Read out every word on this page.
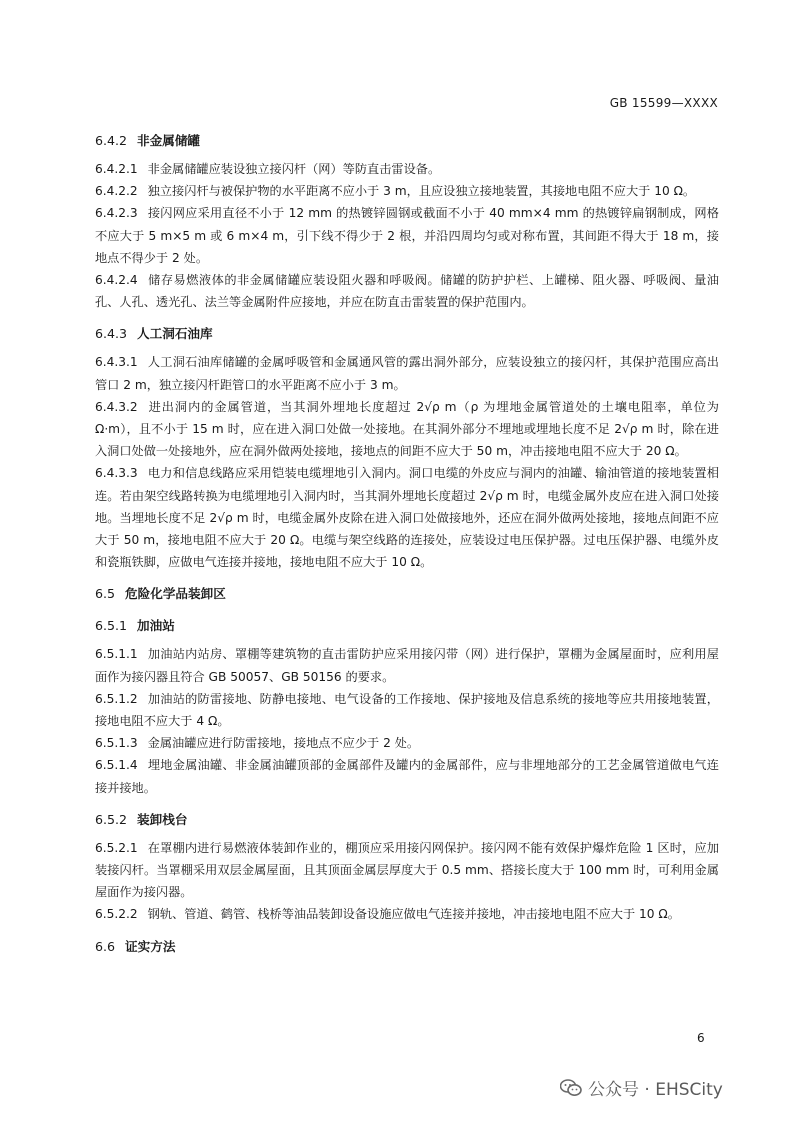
GB 15599—XXXX
6.4.2 非金属储罐
6.4.2.1 非金属储罐应装设独立接闪杆（网）等防直击雷设备。
6.4.2.2 独立接闪杆与被保护物的水平距离不应小于 3 m，且应设独立接地装置，其接地电阻不应大于 10 Ω。
6.4.2.3 接闪网应采用直径不小于 12 mm 的热镀锌圆钢或截面不小于 40 mm×4 mm 的热镀锌扁钢制成，网格不应大于 5 m×5 m 或 6 m×4 m，引下线不得少于 2 根，并沿四周均匀或对称布置，其间距不得大于 18 m，接地点不得少于 2 处。
6.4.2.4 储存易燃液体的非金属储罐应装设阻火器和呼吸阀。储罐的防护护栏、上罐梯、阻火器、呼吸阀、量油孔、人孔、透光孔、法兰等金属附件应接地，并应在防直击雷装置的保护范围内。
6.4.3 人工洞石油库
6.4.3.1 人工洞石油库储罐的金属呼吸管和金属通风管的露出洞外部分，应装设独立的接闪杆，其保护范围应高出管口 2 m，独立接闪杆距管口的水平距离不应小于 3 m。
6.4.3.2 进出洞内的金属管道，当其洞外埋地长度超过 2√ρ m（ρ 为埋地金属管道处的土壤电阻率，单位为 Ω·m），且不小于 15 m 时，应在进入洞口处做一处接地。在其洞外部分不埋地或埋地长度不足 2√ρ m 时，除在进入洞口处做一处接地外，应在洞外做两处接地，接地点的间距不应大于 50 m，冲击接地电阻不应大于 20 Ω。
6.4.3.3 电力和信息线路应采用铠装电缆埋地引入洞内。洞口电缆的外皮应与洞内的油罐、输油管道的接地装置相连。若由架空线路转换为电缆埋地引入洞内时，当其洞外埋地长度超过 2√ρ m 时，电缆金属外皮应在进入洞口处接地。当埋地长度不足 2√ρ m 时，电缆金属外皮除在进入洞口处做接地外，还应在洞外做两处接地，接地点间距不应大于 50 m，接地电阻不应大于 20 Ω。电缆与架空线路的连接处，应装设过电压保护器。过电压保护器、电缆外皮和瓷瓶铁脚，应做电气连接并接地，接地电阻不应大于 10 Ω。
6.5 危险化学品装卸区
6.5.1 加油站
6.5.1.1 加油站内站房、罩棚等建筑物的直击雷防护应采用接闪带（网）进行保护，罩棚为金属屋面时，应利用屋面作为接闪器且符合 GB 50057、GB 50156 的要求。
6.5.1.2 加油站的防雷接地、防静电接地、电气设备的工作接地、保护接地及信息系统的接地等应共用接地装置，接地电阻不应大于 4 Ω。
6.5.1.3 金属油罐应进行防雷接地，接地点不应少于 2 处。
6.5.1.4 埋地金属油罐、非金属油罐顶部的金属部件及罐内的金属部件，应与非埋地部分的工艺金属管道做电气连接并接地。
6.5.2 装卸栈台
6.5.2.1 在罩棚内进行易燃液体装卸作业的，棚顶应采用接闪网保护。接闪网不能有效保护爆炸危险 1 区时，应加装接闪杆。当罩棚采用双层金属屋面，且其顶面金属层厚度大于 0.5 mm、搭接长度大于 100 mm 时，可利用金属屋面作为接闪器。
6.5.2.2 钢轨、管道、鹤管、栈桥等油品装卸设备设施应做电气连接并接地，冲击接地电阻不应大于 10 Ω。
6.6 证实方法
6
公众号 · EHSCity
